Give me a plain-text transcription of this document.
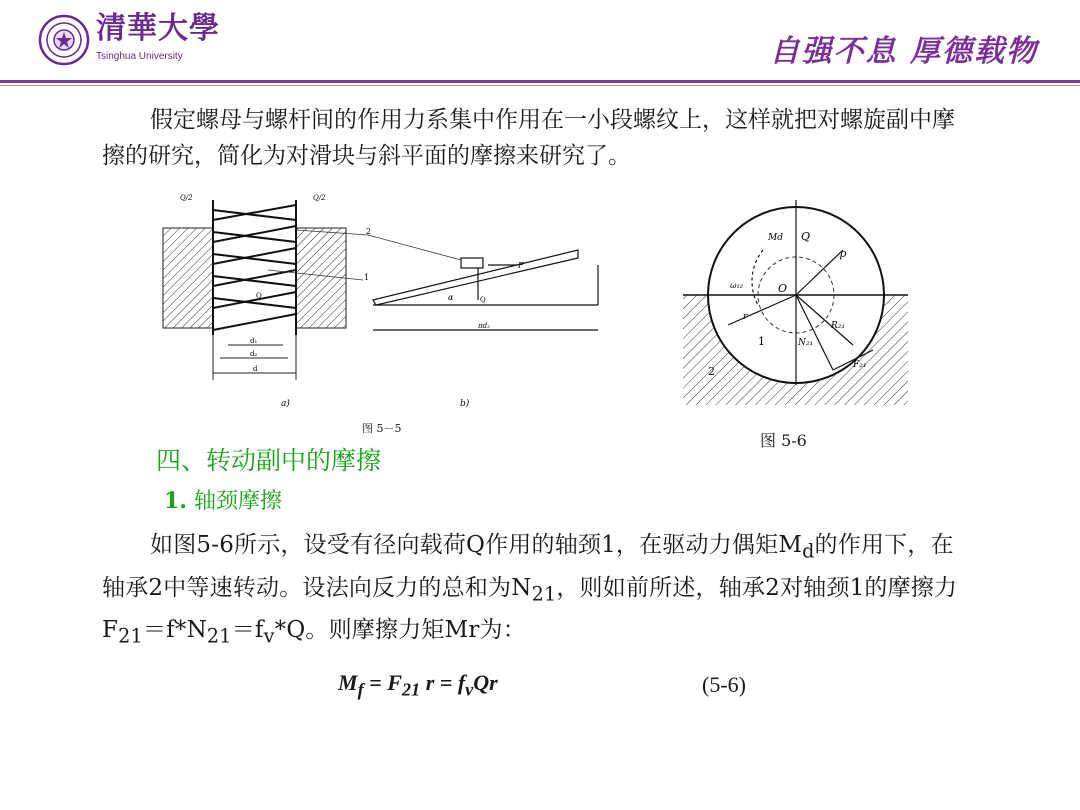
清華大學
Tsinghua University	自强不息 厚德载物

假定螺母与螺杆间的作用力系集中作用在一小段螺纹上，这样就把对螺旋副中摩擦的研究，简化为对滑块与斜平面的摩擦来研究了。

d₁
d₂
d
Q/2	Q/2
Q
F
α	Q
πd₂
2
1
a)	b)
图 5－5
Md Q
ρ
ω₁₂	O
r
R₂₁
N₂₁
F₂₁
1
2
图 5-6
四、转动副中的摩擦
1. 轴颈摩擦

如图5-6所示，设受有径向载荷Q作用的轴颈1，在驱动力偶矩$M_d$的作用下，在轴承2中等速转动。设法向反力的总和为$N_{21}$，则如前所述，轴承2对轴颈1的摩擦力$F_{21}=f*N_{21}=f_v*Q$。则摩擦力矩Mr为：

$M_f = F_{21}$ $r = f_vQr$	(5-6)
